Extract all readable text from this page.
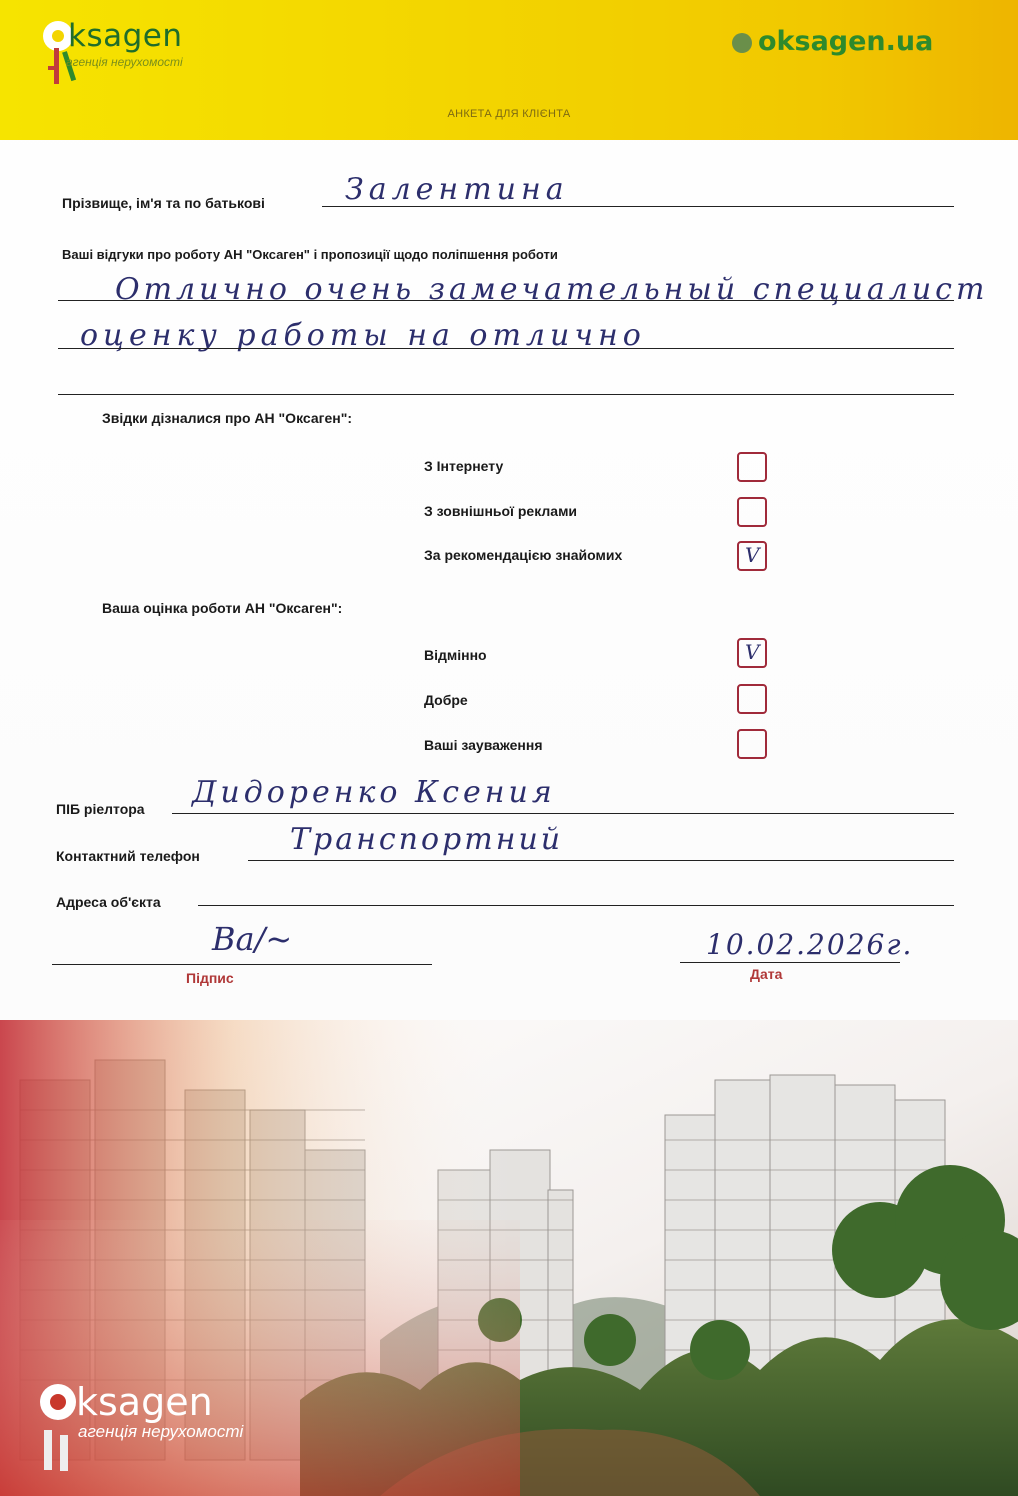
ksagen
агенція нерухомості
oksagen.ua
АНКЕТА ДЛЯ КЛІЄНТА
Прізвище, ім'я та по батькові	Залентина
Ваші відгуки про роботу АН "Оксаген" і пропозиції щодо поліпшення роботи
Отлично очень замечательный специалист
оценку работы на отлично
Звідки дізналися про АН "Оксаген":
З Інтернету
З зовнішньої реклами
За рекомендацією знайомих	V
Ваша оцінка роботи АН "Оксаген":
Відмінно	V
Добре
Ваші зауваження
ПІБ ріелтора Дидоренко Ксения
Контактний телефон	Транспортний
Адреса об'єкта
Ва/~
Підпис
10.02.2026г.
Дата
ksagen
агенція нерухомості
